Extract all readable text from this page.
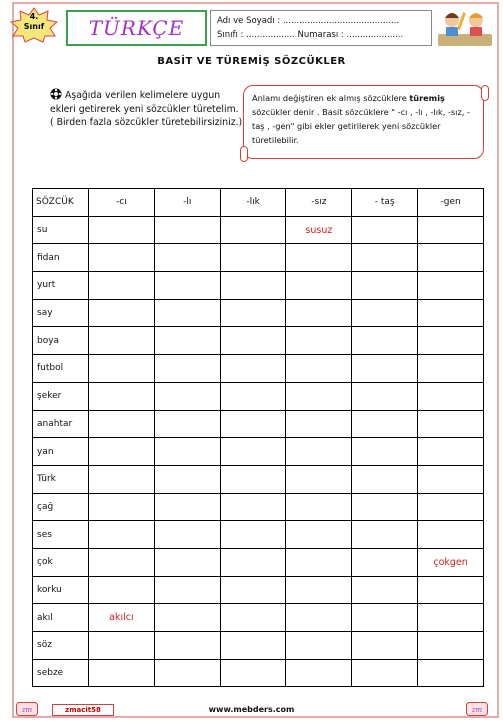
4.
Sınıf	TÜRKÇE	Adı ve Soyadı : ...........................................
Sınıfı : .................. Numarası : .....................
BASİT VE TÜREMİŞ SÖZCÜKLER
Aşağıda verilen kelimelere uygun ekleri getirerek yeni sözcükler türetelim. ( Birden fazla sözcükler türetebilirsiziniz.)
Anlamı değiştiren ek almış sözcüklere türemiş sözcükler denir . Basit sözcüklere " -cı , -lı , -lık, -sız, -taş , -gen" gibi ekler getirilerek yeni sözcükler türetilebilir.
SÖZCÜK	-cı	-lı	-lık	-sız	- taş	-gen
su				susuz		
fidan						
yurt						
say						
boya						
futbol						
şeker						
anahtar						
yan						
Türk						
çağ						
ses						
çok						çokgen
korku						
akıl	akılcı					
söz						
sebze						
zm	zmacit58	www.mebders.com	zm
